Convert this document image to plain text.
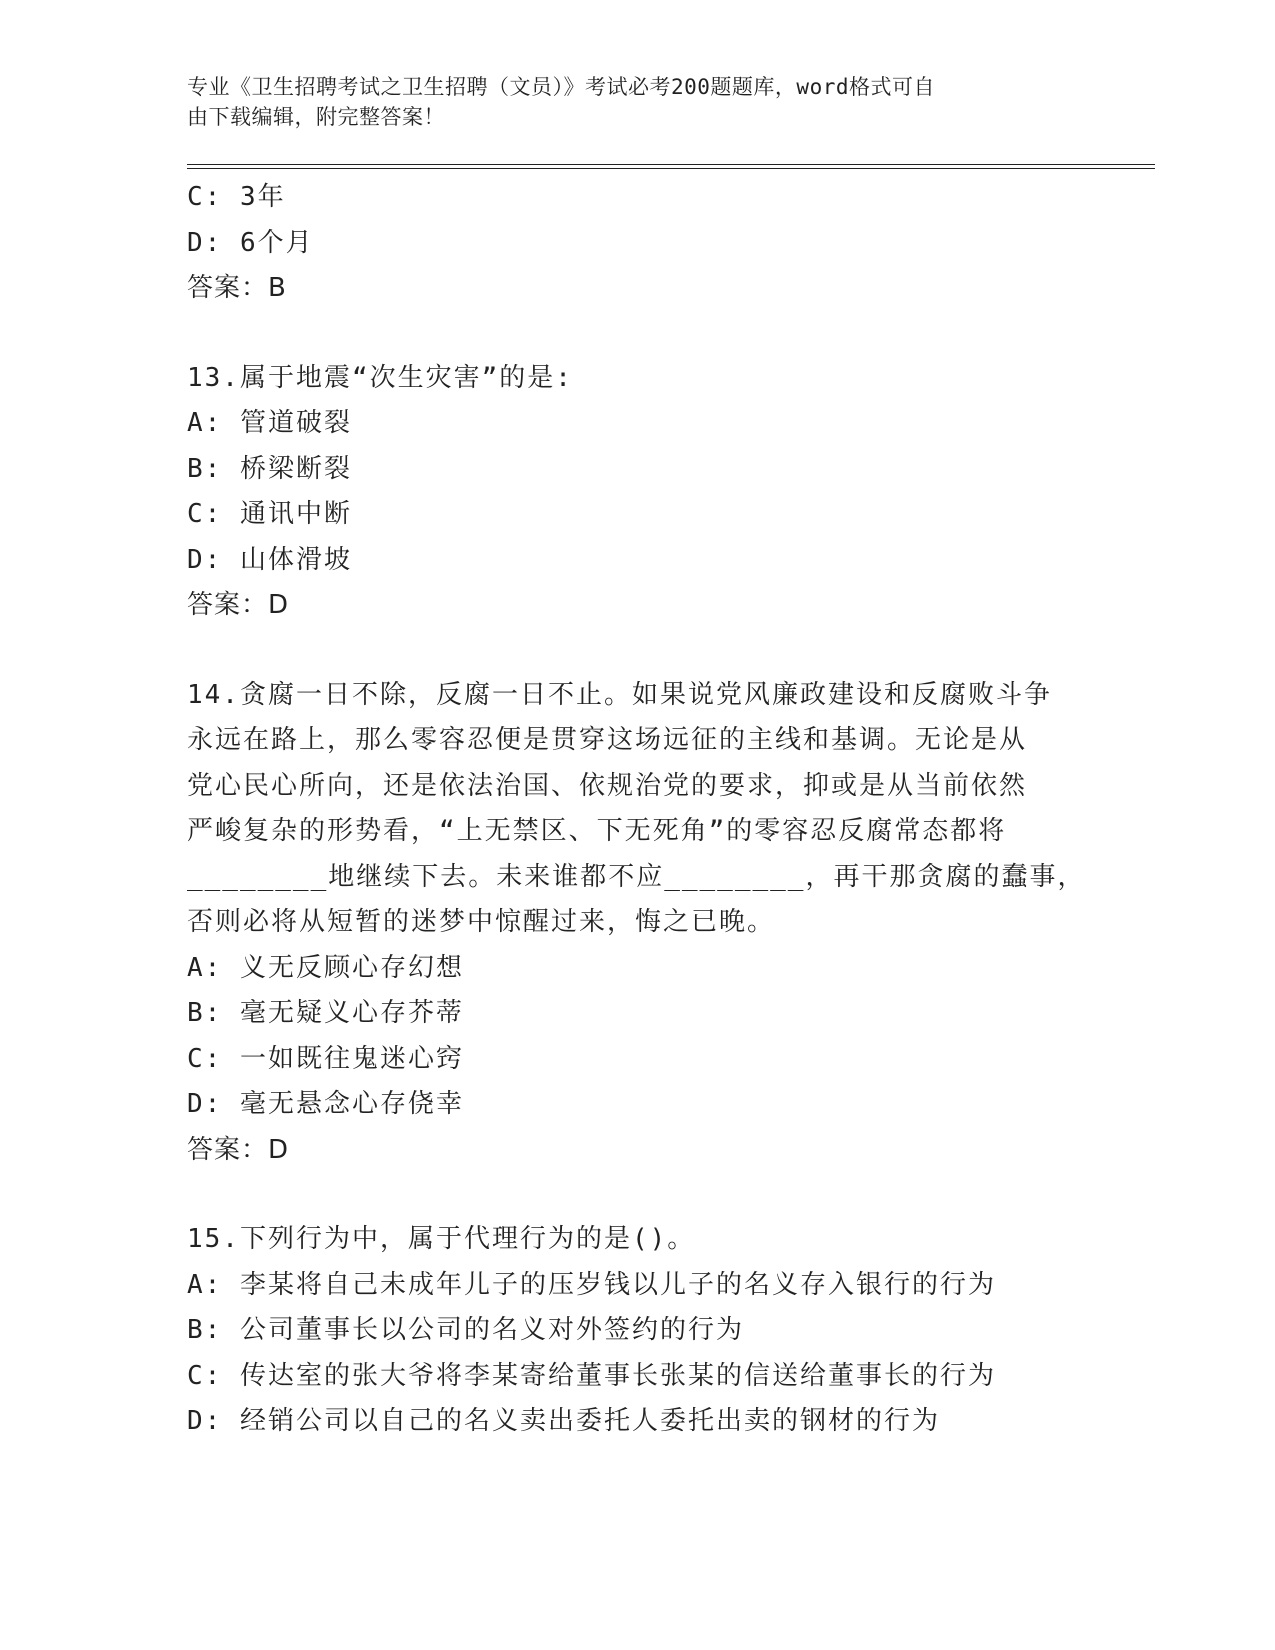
专业《卫生招聘考试之卫生招聘（文员）》考试必考200题题库，word格式可自
由下载编辑，附完整答案！
C: 3年
D: 6个月
答案：B
13.属于地震“次生灾害”的是:
A: 管道破裂
B: 桥梁断裂
C: 通讯中断
D: 山体滑坡
答案：D
14.贪腐一日不除，反腐一日不止。如果说党风廉政建设和反腐败斗争
永远在路上，那么零容忍便是贯穿这场远征的主线和基调。无论是从
党心民心所向，还是依法治国、依规治党的要求，抑或是从当前依然
严峻复杂的形势看，“上无禁区、下无死角”的零容忍反腐常态都将
________地继续下去。未来谁都不应________，再干那贪腐的蠢事，
否则必将从短暂的迷梦中惊醒过来，悔之已晚。
A: 义无反顾心存幻想
B: 毫无疑义心存芥蒂
C: 一如既往鬼迷心窍
D: 毫无悬念心存侥幸
答案：D
15.下列行为中，属于代理行为的是()。
A: 李某将自己未成年儿子的压岁钱以儿子的名义存入银行的行为
B: 公司董事长以公司的名义对外签约的行为
C: 传达室的张大爷将李某寄给董事长张某的信送给董事长的行为
D: 经销公司以自己的名义卖出委托人委托出卖的钢材的行为
